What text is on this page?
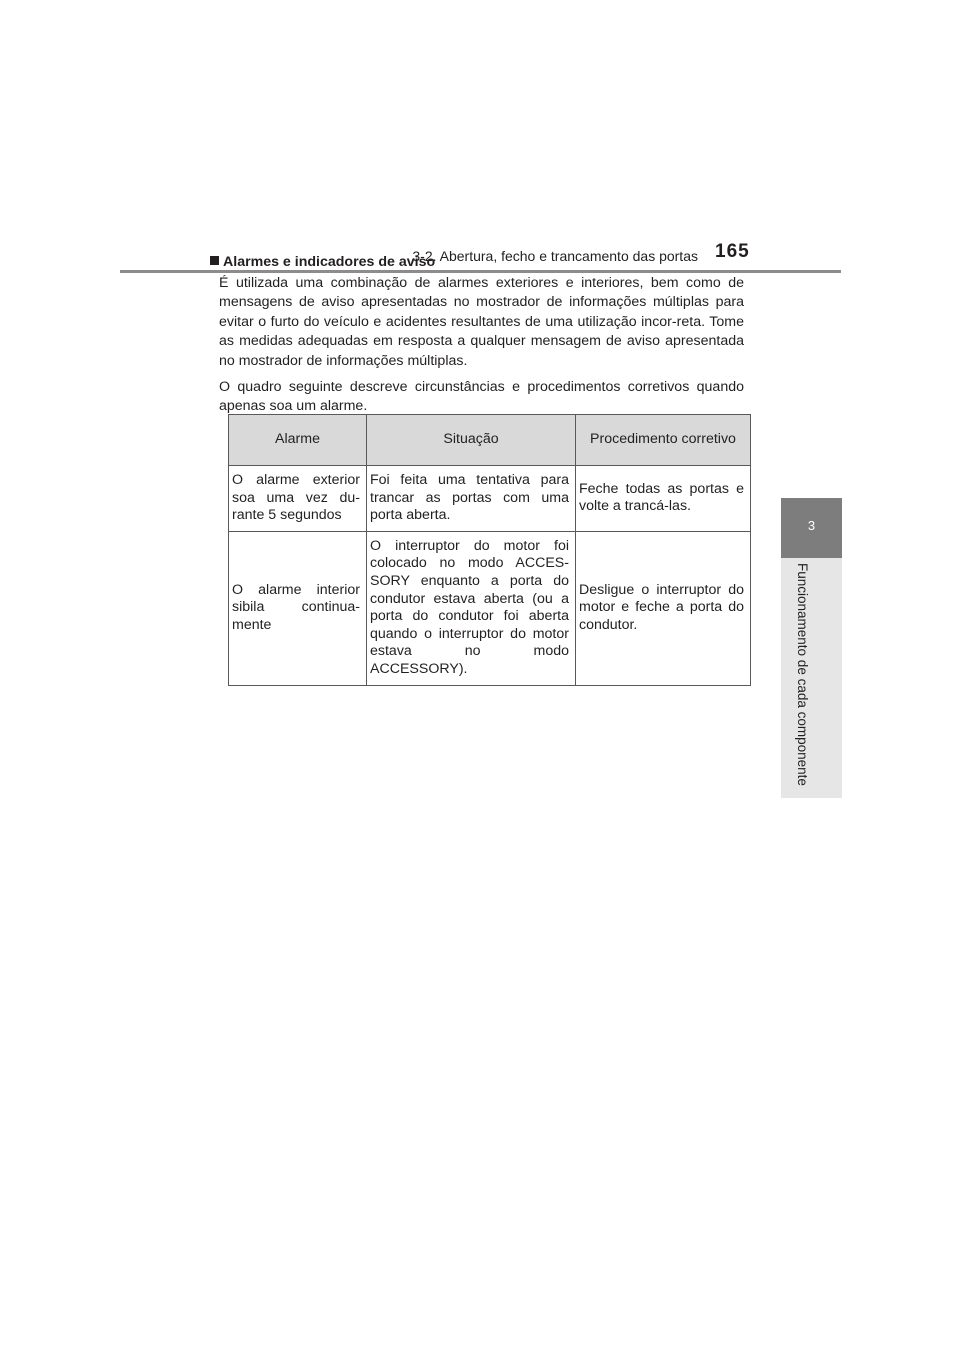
3-2. Abertura, fecho e trancamento das portas 165
3
Funcionamento de cada componente

Alarmes e indicadores de aviso

É utilizada uma combinação de alarmes exteriores e interiores, bem como de mensagens de aviso apresentadas no mostrador de informações múltiplas para evitar o furto do veículo e acidentes resultantes de uma utilização incor-reta. Tome as medidas adequadas em resposta a qualquer mensagem de aviso apresentada no mostrador de informações múltiplas.

O quadro seguinte descreve circunstâncias e procedimentos corretivos quando apenas soa um alarme.

Alarme	Situação	Procedimento corretivo
O alarme exterior soa uma vez du-rante 5 segundos	Foi feita uma tentativa para trancar as portas com uma porta aberta.	Feche todas as portas e volte a trancá-las.
O alarme interior sibila continua-mente	O interruptor do motor foi colocado no modo ACCES-SORY enquanto a porta do condutor estava aberta (ou a porta do condutor foi aberta quando o interruptor do motor estava no modo ACCESSORY).	Desligue o interruptor do motor e feche a porta do condutor.
